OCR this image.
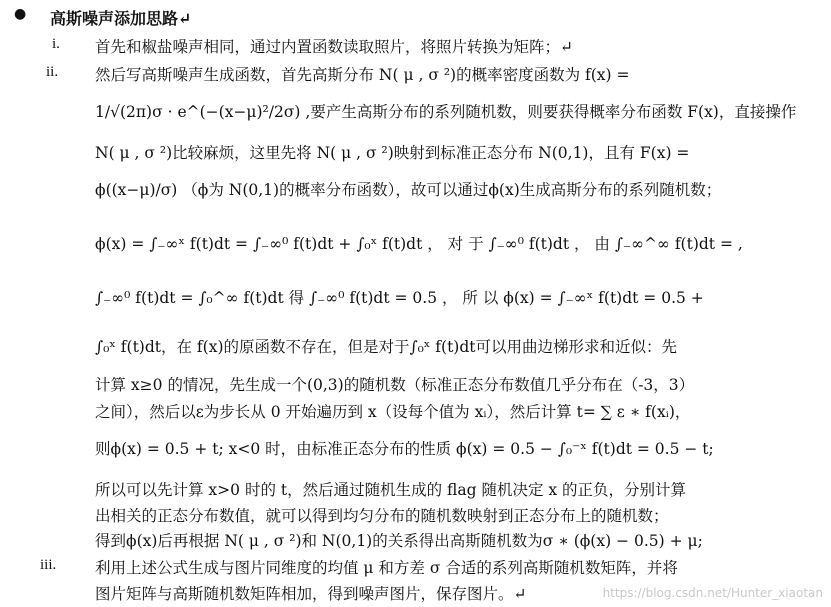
● 高斯噪声添加思路↵
i. 首先和椒盐噪声相同，通过内置函数读取照片，将照片转换为矩阵；↵
ii. 然后写高斯噪声生成函数，首先高斯分布 N( μ , σ ²)的概率密度函数为 f(x) =
1/√(2π)σ · e^(−(x−μ)²/2σ) ,要产生高斯分布的系列随机数，则要获得概率分布函数 F(x)，直接操作
N( μ , σ ²)比较麻烦，这里先将 N( μ , σ ²)映射到标准正态分布 N(0,1)，且有 F(x) =
ϕ((x−μ)/σ) （ϕ为 N(0,1)的概率分布函数），故可以通过ϕ(x)生成高斯分布的系列随机数；
ϕ(x) = ∫₋∞ˣ f(t)dt = ∫₋∞⁰ f(t)dt + ∫₀ˣ f(t)dt ， 对 于 ∫₋∞⁰ f(t)dt ， 由 ∫₋∞^∞ f(t)dt = ,
∫₋∞⁰ f(t)dt = ∫₀^∞ f(t)dt 得 ∫₋∞⁰ f(t)dt = 0.5 ， 所 以 ϕ(x) = ∫₋∞ˣ f(t)dt = 0.5 +
∫₀ˣ f(t)dt，在 f(x)的原函数不存在，但是对于∫₀ˣ f(t)dt可以用曲边梯形求和近似：先
计算 x≥0 的情况，先生成一个(0,3)的随机数（标准正态分布数值几乎分布在（-3，3）
之间），然后以ε为步长从 0 开始遍历到 x（设每个值为 xᵢ），然后计算 t= ∑ ε ∗ f(xᵢ)，
则ϕ(x) = 0.5 + t; x<0 时，由标准正态分布的性质 ϕ(x) = 0.5 − ∫₀⁻ˣ f(t)dt = 0.5 − t;
所以可以先计算 x>0 时的 t，然后通过随机生成的 flag 随机决定 x 的正负，分别计算
出相关的正态分布数值，就可以得到均匀分布的随机数映射到正态分布上的随机数；
得到ϕ(x)后再根据 N( μ , σ ²)和 N(0,1)的关系得出高斯随机数为σ ∗ (ϕ(x) − 0.5) + μ;
iii. 利用上述公式生成与图片同维度的均值 μ 和方差 σ 合适的系列高斯随机数矩阵，并将
图片矩阵与高斯随机数矩阵相加，得到噪声图片，保存图片。↵	https://blog.csdn.net/Hunter_xiaotan
